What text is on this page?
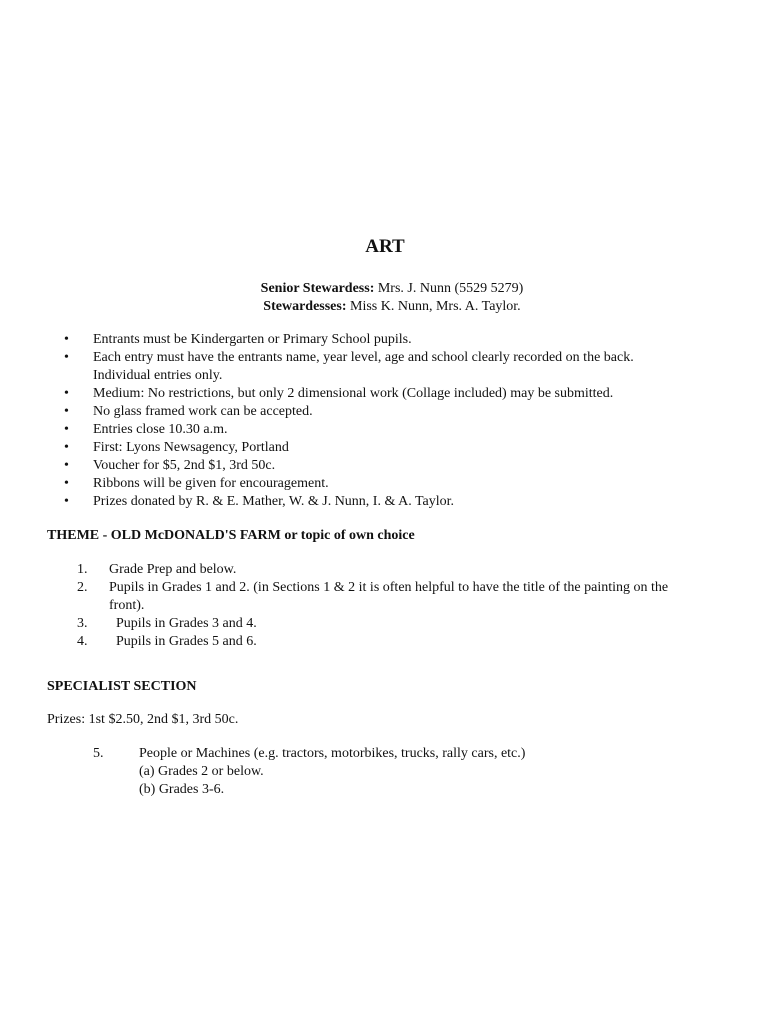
ART
Senior Stewardess: Mrs. J. Nunn (5529 5279)
Stewardesses: Miss K. Nunn, Mrs. A. Taylor.
• Entrants must be Kindergarten or Primary School pupils.
• Each entry must have the entrants name, year level, age and school clearly recorded on the back.
Individual entries only.
• Medium: No restrictions, but only 2 dimensional work (Collage included) may be submitted.
• No glass framed work can be accepted.
• Entries close 10.30 a.m.
• First: Lyons Newsagency, Portland
• Voucher for $5, 2nd $1, 3rd 50c.
• Ribbons will be given for encouragement.
• Prizes donated by R. & E. Mather, W. & J. Nunn, I. & A. Taylor.
THEME - OLD McDONALD'S FARM or topic of own choice
1. Grade Prep and below.
2. Pupils in Grades 1 and 2. (in Sections 1 & 2 it is often helpful to have the title of the painting on the
front).
3. Pupils in Grades 3 and 4.
4. Pupils in Grades 5 and 6.
SPECIALIST SECTION
Prizes: 1st $2.50, 2nd $1, 3rd 50c.
5.	People or Machines (e.g. tractors, motorbikes, trucks, rally cars, etc.)
(a) Grades 2 or below.
(b) Grades 3-6.
